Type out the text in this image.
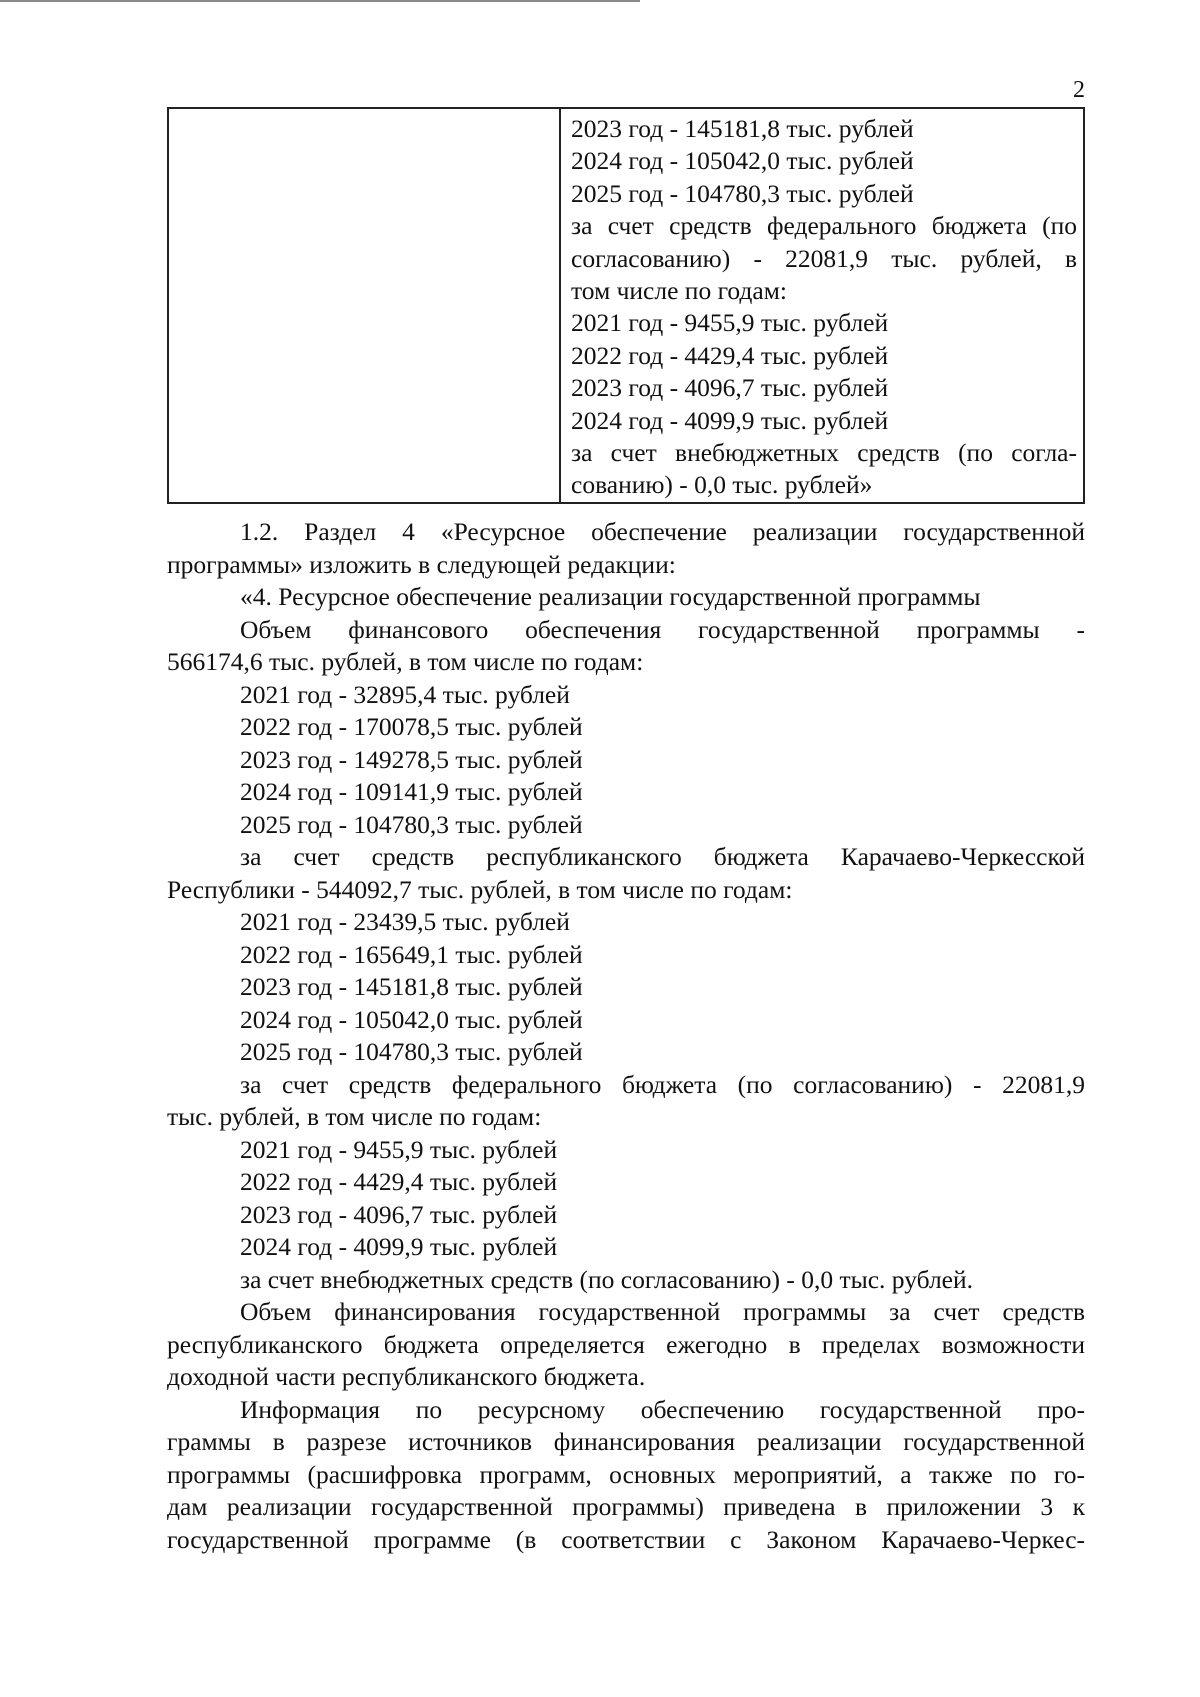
2

2023 год - 145181,8 тыс. рублей
2024 год - 105042,0 тыс. рублей
2025 год - 104780,3 тыс. рублей
за счет средств федерального бюджета (по
согласованию) - 22081,9 тыс. рублей, в
том числе по годам:
2021 год - 9455,9 тыс. рублей
2022 год - 4429,4 тыс. рублей
2023 год - 4096,7 тыс. рублей
2024 год - 4099,9 тыс. рублей
за счет внебюджетных средств (по согла-
сованию) - 0,0 тыс. рублей»
1.2. Раздел 4 «Ресурсное обеспечение реализации государственной
программы» изложить в следующей редакции:
«4. Ресурсное обеспечение реализации государственной программы
Объем финансового обеспечения государственной программы -
566174,6 тыс. рублей, в том числе по годам:
2021 год - 32895,4 тыс. рублей
2022 год - 170078,5 тыс. рублей
2023 год - 149278,5 тыс. рублей
2024 год - 109141,9 тыс. рублей
2025 год - 104780,3 тыс. рублей
за счет средств республиканского бюджета Карачаево-Черкесской
Республики - 544092,7 тыс. рублей, в том числе по годам:
2021 год - 23439,5 тыс. рублей
2022 год - 165649,1 тыс. рублей
2023 год - 145181,8 тыс. рублей
2024 год - 105042,0 тыс. рублей
2025 год - 104780,3 тыс. рублей
за счет средств федерального бюджета (по согласованию) - 22081,9
тыс. рублей, в том числе по годам:
2021 год - 9455,9 тыс. рублей
2022 год - 4429,4 тыс. рублей
2023 год - 4096,7 тыс. рублей
2024 год - 4099,9 тыс. рублей
за счет внебюджетных средств (по согласованию) - 0,0 тыс. рублей.
Объем финансирования государственной программы за счет средств
республиканского бюджета определяется ежегодно в пределах возможности
доходной части республиканского бюджета.
Информация по ресурсному обеспечению государственной про-
граммы в разрезе источников финансирования реализации государственной
программы (расшифровка программ, основных мероприятий, а также по го-
дам реализации государственной программы) приведена в приложении 3 к
государственной программе (в соответствии с Законом Карачаево-Черкес-
